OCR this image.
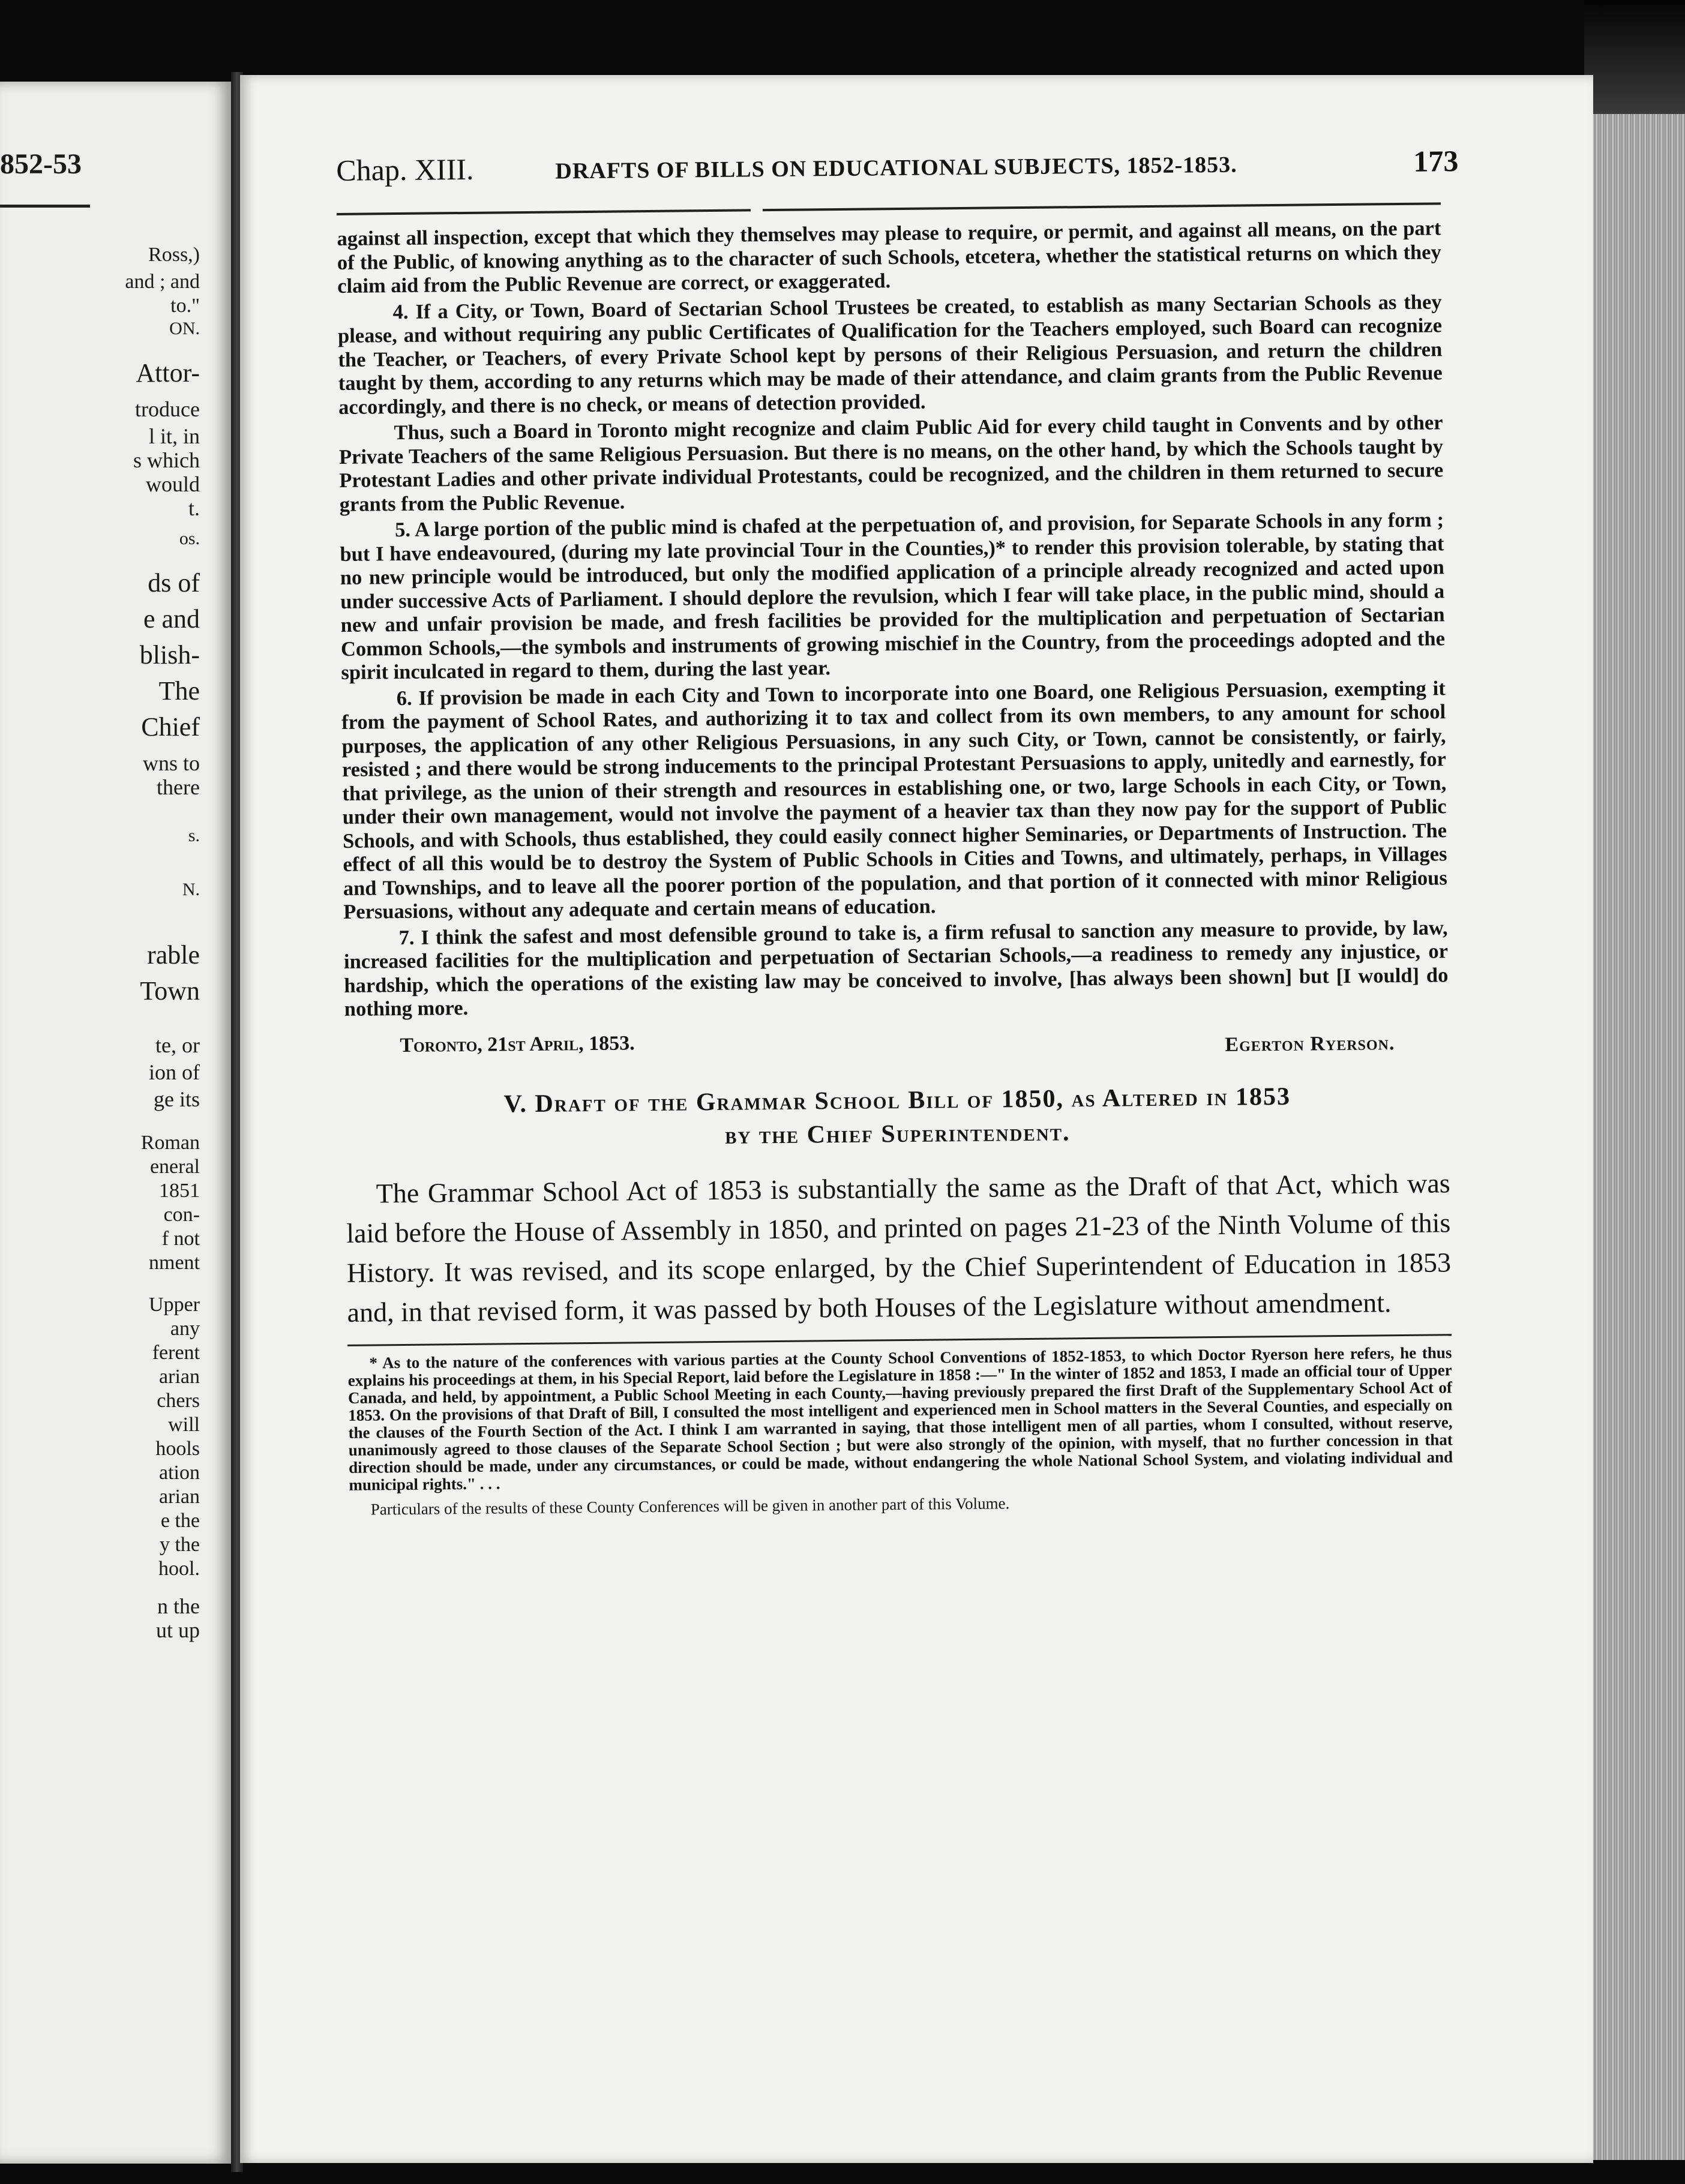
852-53
Ross,)
and ; and
to."
ON.
Attor-
troduce
l it, in
s which
would
t.
os.
ds of
e and
blish-
The
Chief
wns to
there
s.
N.
rable
Town
te, or
ion of
ge its
Roman
eneral
1851
con-
f not
nment
Upper
any
ferent
arian
chers
will
hools
ation
arian
e the
y the
hool.
n the
ut up
Chap. XIII.	DRAFTS OF BILLS ON EDUCATIONAL SUBJECTS, 1852-1853.	173

against all inspection, except that which they themselves may please to require, or permit, and against all means, on the part of the Public, of knowing anything as to the character of such Schools, etcetera, whether the statistical returns on which they claim aid from the Public Revenue are correct, or exaggerated.

4. If a City, or Town, Board of Sectarian School Trustees be created, to establish as many Sectarian Schools as they please, and without requiring any public Certificates of Qualification for the Teachers employed, such Board can recognize the Teacher, or Teachers, of every Private School kept by persons of their Religious Persuasion, and return the children taught by them, according to any returns which may be made of their attendance, and claim grants from the Public Revenue accordingly, and there is no check, or means of detection provided.

Thus, such a Board in Toronto might recognize and claim Public Aid for every child taught in Convents and by other Private Teachers of the same Religious Persuasion. But there is no means, on the other hand, by which the Schools taught by Protestant Ladies and other private individual Protestants, could be recognized, and the children in them returned to secure grants from the Public Revenue.

5. A large portion of the public mind is chafed at the perpetuation of, and provision, for Separate Schools in any form ; but I have endeavoured, (during my late provincial Tour in the Counties,)* to render this provision tolerable, by stating that no new principle would be introduced, but only the modified application of a principle already recognized and acted upon under successive Acts of Parliament. I should deplore the revulsion, which I fear will take place, in the public mind, should a new and unfair provision be made, and fresh facilities be provided for the multiplication and perpetuation of Sectarian Common Schools,—the symbols and instruments of growing mischief in the Country, from the proceedings adopted and the spirit inculcated in regard to them, during the last year.

6. If provision be made in each City and Town to incorporate into one Board, one Religious Persuasion, exempting it from the payment of School Rates, and authorizing it to tax and collect from its own members, to any amount for school purposes, the application of any other Religious Persuasions, in any such City, or Town, cannot be consistently, or fairly, resisted ; and there would be strong inducements to the principal Protestant Persuasions to apply, unitedly and earnestly, for that privilege, as the union of their strength and resources in establishing one, or two, large Schools in each City, or Town, under their own management, would not involve the payment of a heavier tax than they now pay for the support of Public Schools, and with Schools, thus established, they could easily connect higher Seminaries, or Departments of Instruction. The effect of all this would be to destroy the System of Public Schools in Cities and Towns, and ultimately, perhaps, in Villages and Townships, and to leave all the poorer portion of the population, and that portion of it connected with minor Religious Persuasions, without any adequate and certain means of education.

7. I think the safest and most defensible ground to take is, a firm refusal to sanction any measure to provide, by law, increased facilities for the multiplication and perpetuation of Sectarian Schools,—a readiness to remedy any injustice, or hardship, which the operations of the existing law may be conceived to involve, [has always been shown] but [I would] do nothing more.

Toronto, 21st April, 1853.	Egerton Ryerson.
V. Draft of the Grammar School Bill of 1850, as Altered in 1853
by the Chief Superintendent.

The Grammar School Act of 1853 is substantially the same as the Draft of that Act, which was laid before the House of Assembly in 1850, and printed on pages 21-23 of the Ninth Volume of this History. It was revised, and its scope enlarged, by the Chief Superintendent of Education in 1853 and, in that revised form, it was passed by both Houses of the Legislature without amendment.

* As to the nature of the conferences with various parties at the County School Conventions of 1852-1853, to which Doctor Ryerson here refers, he thus explains his proceedings at them, in his Special Report, laid before the Legislature in 1858 :—" In the winter of 1852 and 1853, I made an official tour of Upper Canada, and held, by appointment, a Public School Meeting in each County,—having previously prepared the first Draft of the Supplementary School Act of 1853. On the provisions of that Draft of Bill, I consulted the most intelligent and experienced men in School matters in the Several Counties, and especially on the clauses of the Fourth Section of the Act. I think I am warranted in saying, that those intelligent men of all parties, whom I consulted, without reserve, unanimously agreed to those clauses of the Separate School Section ; but were also strongly of the opinion, with myself, that no further concession in that direction should be made, under any circumstances, or could be made, without endangering the whole National School System, and violating individual and municipal rights." . . .

Particulars of the results of these County Conferences will be given in another part of this Volume.
